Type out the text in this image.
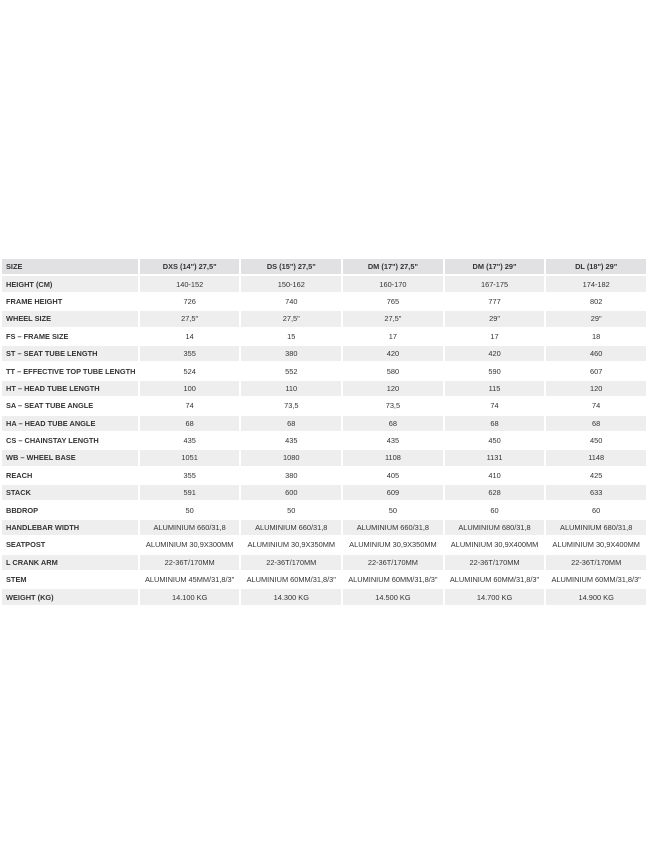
SIZE	DXS (14") 27,5"	DS (15") 27,5"	DM (17") 27,5"	DM (17") 29"	DL (18") 29"
HEIGHT (CM)	140-152	150-162	160-170	167-175	174-182
FRAME HEIGHT	726	740	765	777	802
WHEEL SIZE	27,5"	27,5"	27,5"	29"	29"
FS – FRAME SIZE	14	15	17	17	18
ST – SEAT TUBE LENGTH	355	380	420	420	460
TT – EFFECTIVE TOP TUBE LENGTH	524	552	580	590	607
HT – HEAD TUBE LENGTH	100	110	120	115	120
SA – SEAT TUBE ANGLE	74	73,5	73,5	74	74
HA – HEAD TUBE ANGLE	68	68	68	68	68
CS – CHAINSTAY LENGTH	435	435	435	450	450
WB – WHEEL BASE	1051	1080	1108	1131	1148
REACH	355	380	405	410	425
STACK	591	600	609	628	633
BBDROP	50	50	50	60	60
HANDLEBAR WIDTH	ALUMINIUM 660/31,8	ALUMINIUM 660/31,8	ALUMINIUM 660/31,8	ALUMINIUM 680/31,8	ALUMINIUM 680/31,8
SEATPOST	ALUMINIUM 30,9X300MM	ALUMINIUM 30,9X350MM	ALUMINIUM 30,9X350MM	ALUMINIUM 30,9X400MM	ALUMINIUM 30,9X400MM
L CRANK ARM	22-36T/170MM	22-36T/170MM	22-36T/170MM	22-36T/170MM	22-36T/170MM
STEM	ALUMINIUM 45MM/31,8/3"	ALUMINIUM 60MM/31,8/3"	ALUMINIUM 60MM/31,8/3"	ALUMINIUM 60MM/31,8/3"	ALUMINIUM 60MM/31,8/3"
WEIGHT (KG)	14.100 KG	14.300 KG	14.500 KG	14.700 KG	14.900 KG
